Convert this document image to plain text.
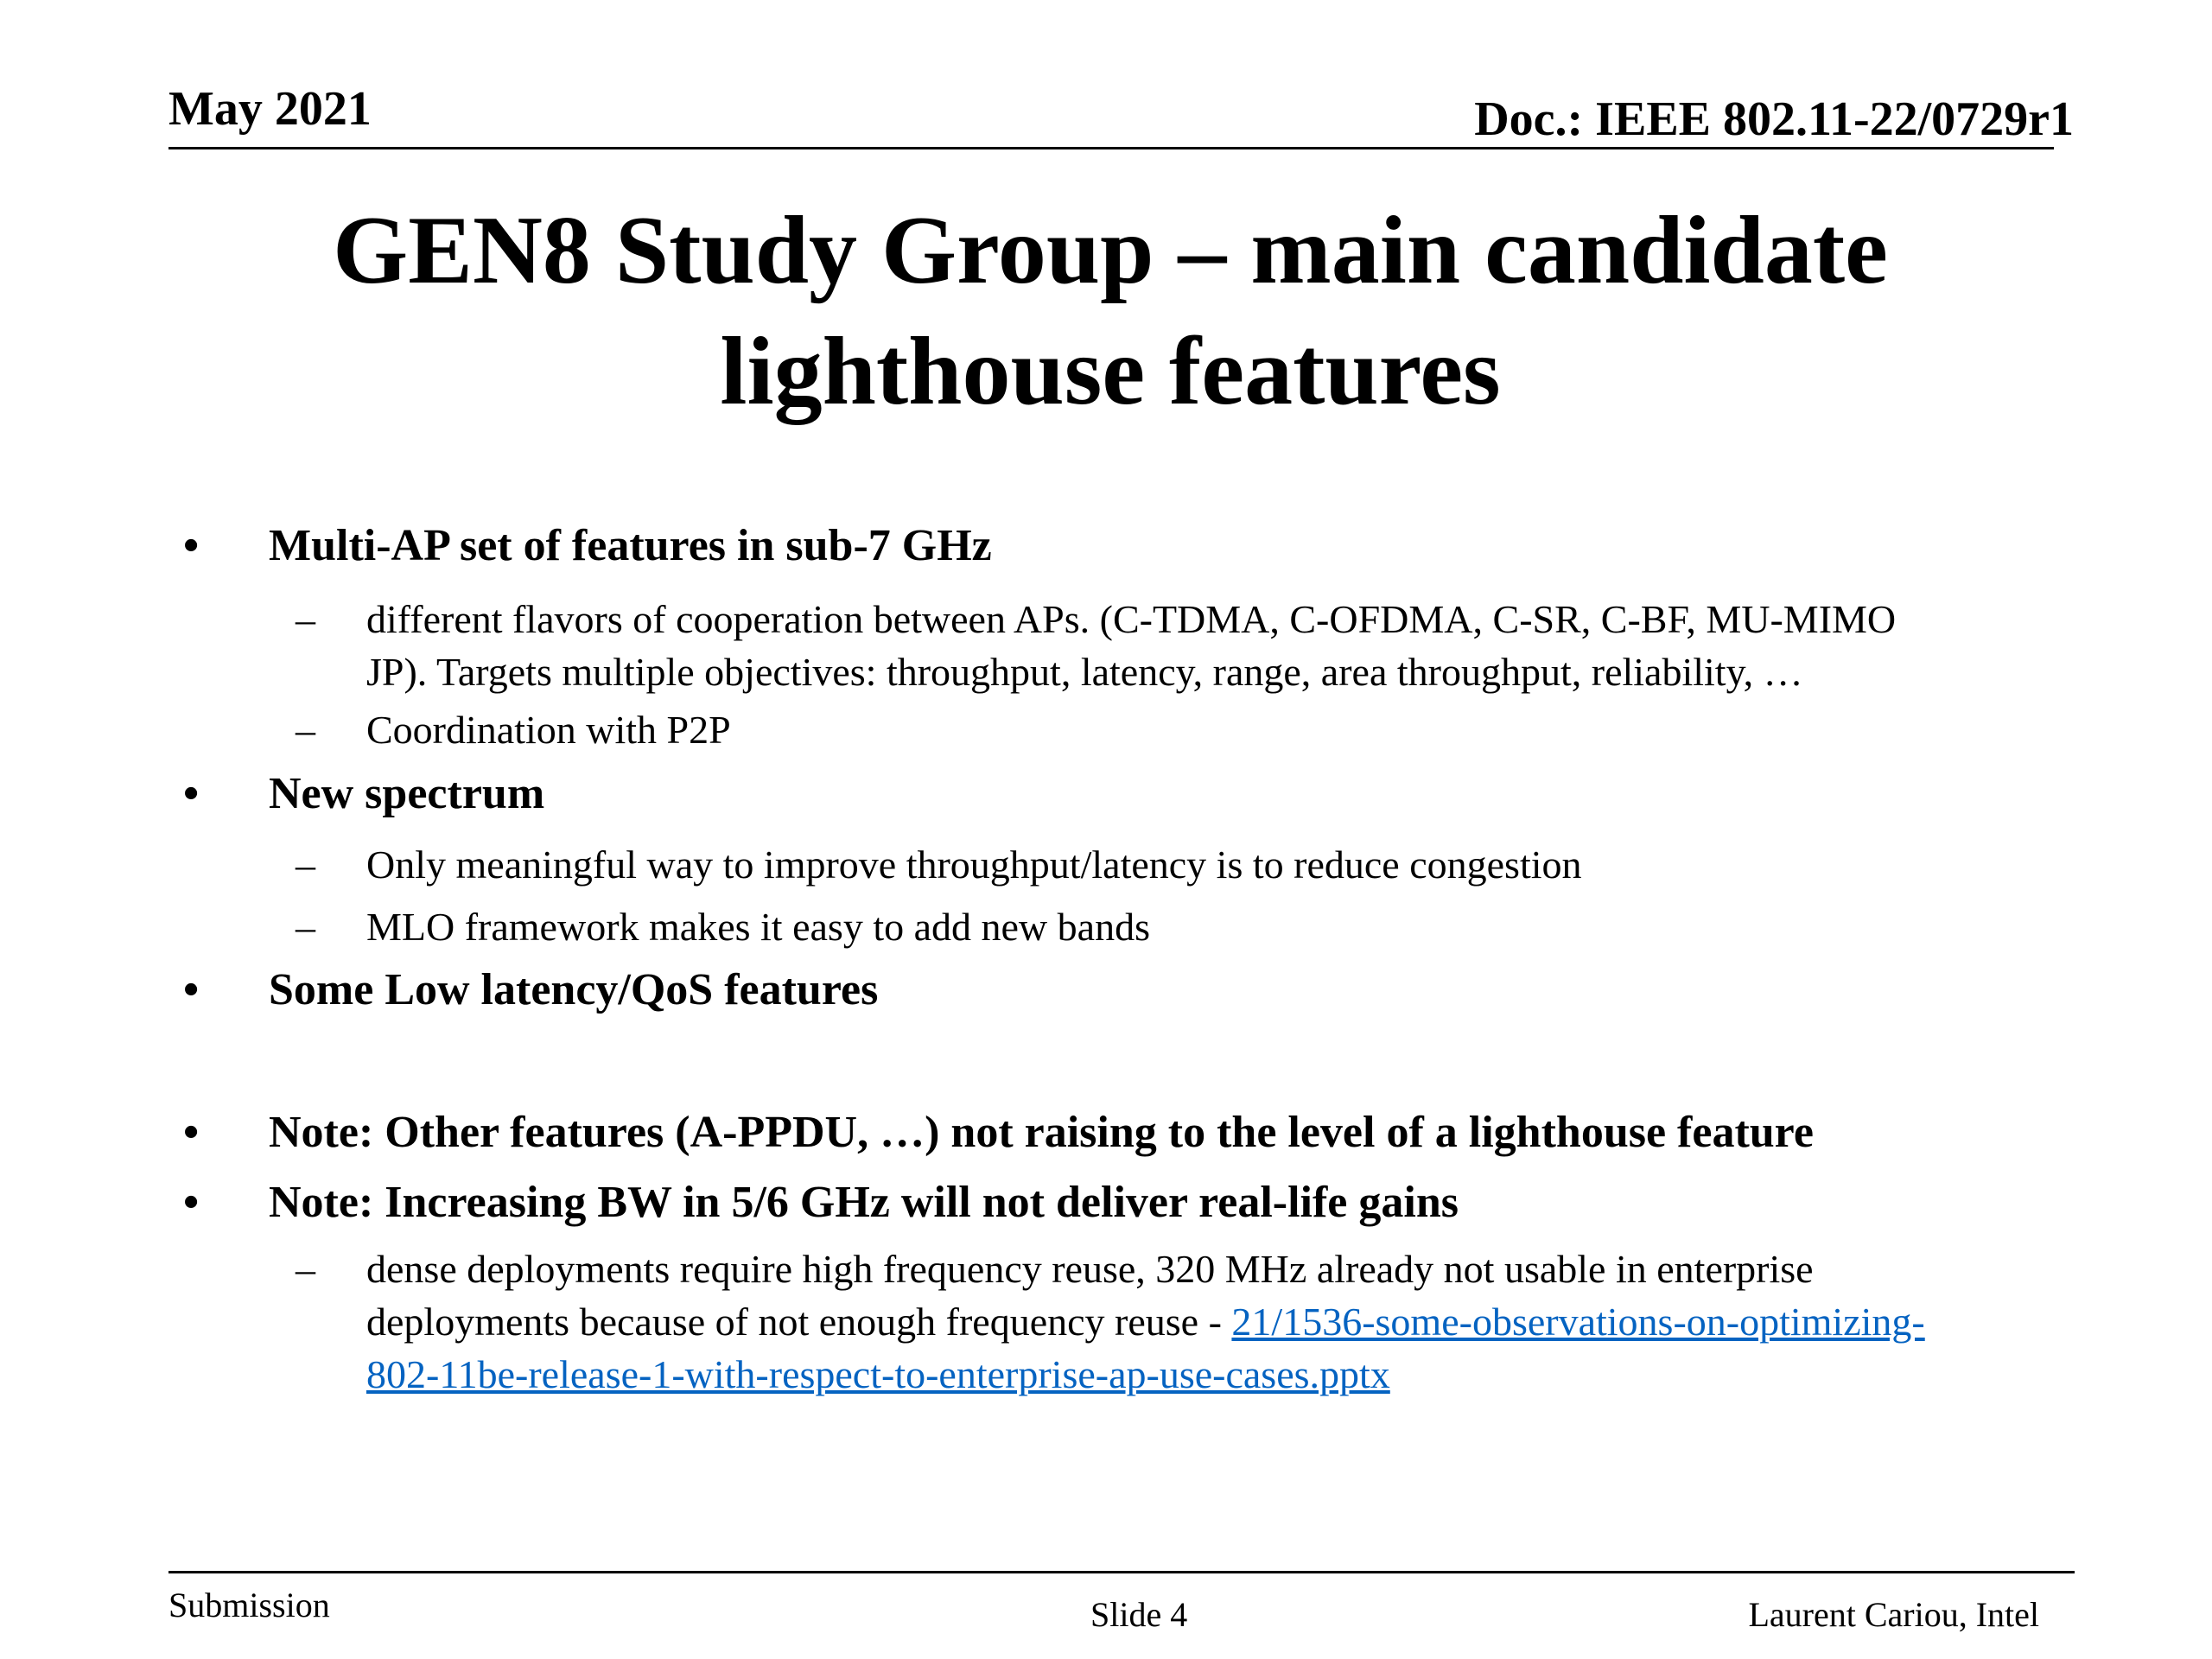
May 2021	Doc.: IEEE 802.11-22/0729r1
GEN8 Study Group – main candidate
lighthouse features
• Multi-AP set of features in sub-7 GHz
– different flavors of cooperation between APs. (C-TDMA, C-OFDMA, C-SR, C-BF, MU-MIMO
JP). Targets multiple objectives: throughput, latency, range, area throughput, reliability, …
– Coordination with P2P
• New spectrum
– Only meaningful way to improve throughput/latency is to reduce congestion
– MLO framework makes it easy to add new bands
• Some Low latency/QoS features
• Note: Other features (A-PPDU, …) not raising to the level of a lighthouse feature
• Note: Increasing BW in 5/6 GHz will not deliver real-life gains
– dense deployments require high frequency reuse, 320 MHz already not usable in enterprise
deployments because of not enough frequency reuse - 21/1536-some-observations-on-optimizing-
802-11be-release-1-with-respect-to-enterprise-ap-use-cases.pptx
Submission	Slide 4	Laurent Cariou, Intel
